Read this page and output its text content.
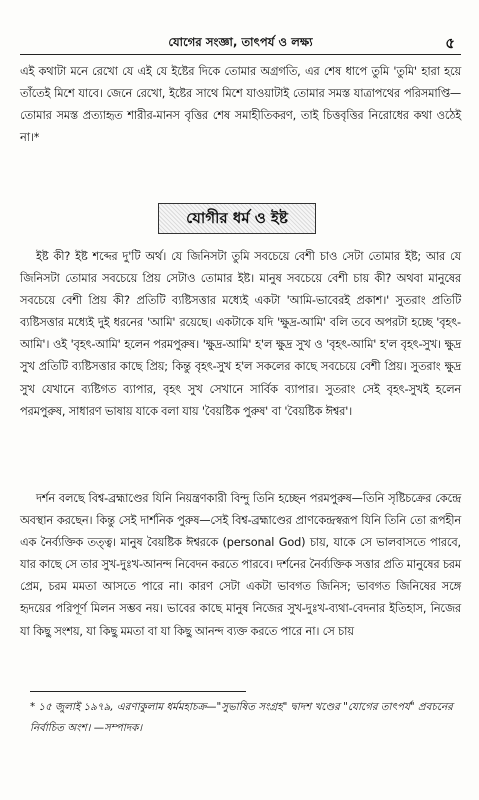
যোগের সংজ্ঞা, তাৎপর্য ও লক্ষ্য	৫
এই কথাটা মনে রেখো যে এই যে ইষ্টের দিকে তোমার অগ্রগতি, এর শেষ ধাপে তুমি 'তুমি' হারা হয়ে তাঁতেই মিশে যাবে। জেনে রেখো, ইষ্টের সাথে মিশে যাওয়াটাই তোমার সমস্ত যাত্রাপথের পরিসমাপ্তি—তোমার সমস্ত প্রত্যাহৃত শারীর-মানস বৃত্তির শেষ সমাহীতিকরণ, তাই চিত্তবৃত্তির নিরোধের কথা ওঠেই না।*
যোগীর ধর্ম ও ইষ্ট
ইষ্ট কী? ইষ্ট শব্দের দু'টি অর্থ। যে জিনিসটা তুমি সবচেয়ে বেশী চাও সেটা তোমার ইষ্ট; আর যে জিনিসটা তোমার সবচেয়ে প্রিয় সেটাও তোমার ইষ্ট। মানুষ সবচেয়ে বেশী চায় কী? অথবা মানুষের সবচেয়ে বেশী প্রিয় কী? প্রতিটি ব্যষ্টিসত্তার মধ্যেই একটা 'আমি-ভাবেরই প্রকাশ।' সুতরাং প্রতিটি ব্যষ্টিসত্তার মধ্যেই দুই ধরনের 'আমি' রয়েছে। একটাকে যদি 'ক্ষুদ্র-আমি' বলি তবে অপরটা হচ্ছে 'বৃহৎ-আমি'। ওই 'বৃহৎ-আমি' হলেন পরমপুরুষ। 'ক্ষুদ্র-আমি' হ'ল ক্ষুদ্র সুখ ও 'বৃহৎ-আমি' হ'ল বৃহৎ-সুখ। ক্ষুদ্র সুখ প্রতিটি ব্যষ্টিসত্তার কাছে প্রিয়; কিন্তু বৃহৎ-সুখ হ'ল সকলের কাছে সবচেয়ে বেশী প্রিয়। সুতরাং ক্ষুদ্র সুখ যেখানে ব্যষ্টিগত ব্যাপার, বৃহৎ সুখ সেখানে সার্বিক ব্যাপার। সুতরাং সেই বৃহৎ-সুখই হলেন পরমপুরুষ, সাধারণ ভাষায় যাকে বলা যায় 'বৈয়ষ্টিক পুরুষ' বা 'বৈয়ষ্টিক ঈশ্বর'।
দর্শন বলছে বিশ্ব-ব্রহ্মাণ্ডের যিনি নিয়ন্ত্রণকারী বিন্দু তিনি হচ্ছেন পরমপুরুষ—তিনি সৃষ্টিচক্রের কেন্দ্রে অবস্থান করছেন। কিন্তু সেই দার্শনিক পুরুষ—সেই বিশ্ব-ব্রহ্মাণ্ডের প্রাণকেন্দ্রস্বরূপ যিনি তিনি তো রূপহীন এক নৈর্ব্যক্তিক তত্ত্ব। মানুষ বৈয়ষ্টিক ঈশ্বরকে (personal God) চায়, যাকে সে ভালবাসতে পারবে, যার কাছে সে তার সুখ-দুঃখ-আনন্দ নিবেদন করতে পারবে। দর্শনের নৈর্ব্যক্তিক সত্তার প্রতি মানুষের চরম প্রেম, চরম মমতা আসতে পারে না। কারণ সেটা একটা ভাবগত জিনিস; ভাবগত জিনিষের সঙ্গে হৃদয়ের পরিপূর্ণ মিলন সম্ভব নয়। ভাবের কাছে মানুষ নিজের সুখ-দুঃখ-ব্যথা-বেদনার ইতিহাস, নিজের যা কিছু সংশয়, যা কিছু মমতা বা যা কিছু আনন্দ ব্যক্ত করতে পারে না। সে চায়
* ১৫ জুলাই ১৯৭৯, এরণাকুলাম ধর্মমহাচক্র—"সুভাষিত সংগ্রহ" দ্বাদশ খণ্ডের "যোগের তাৎপর্য" প্রবচনের নির্বাচিত অংশ। —সম্পাদক।
